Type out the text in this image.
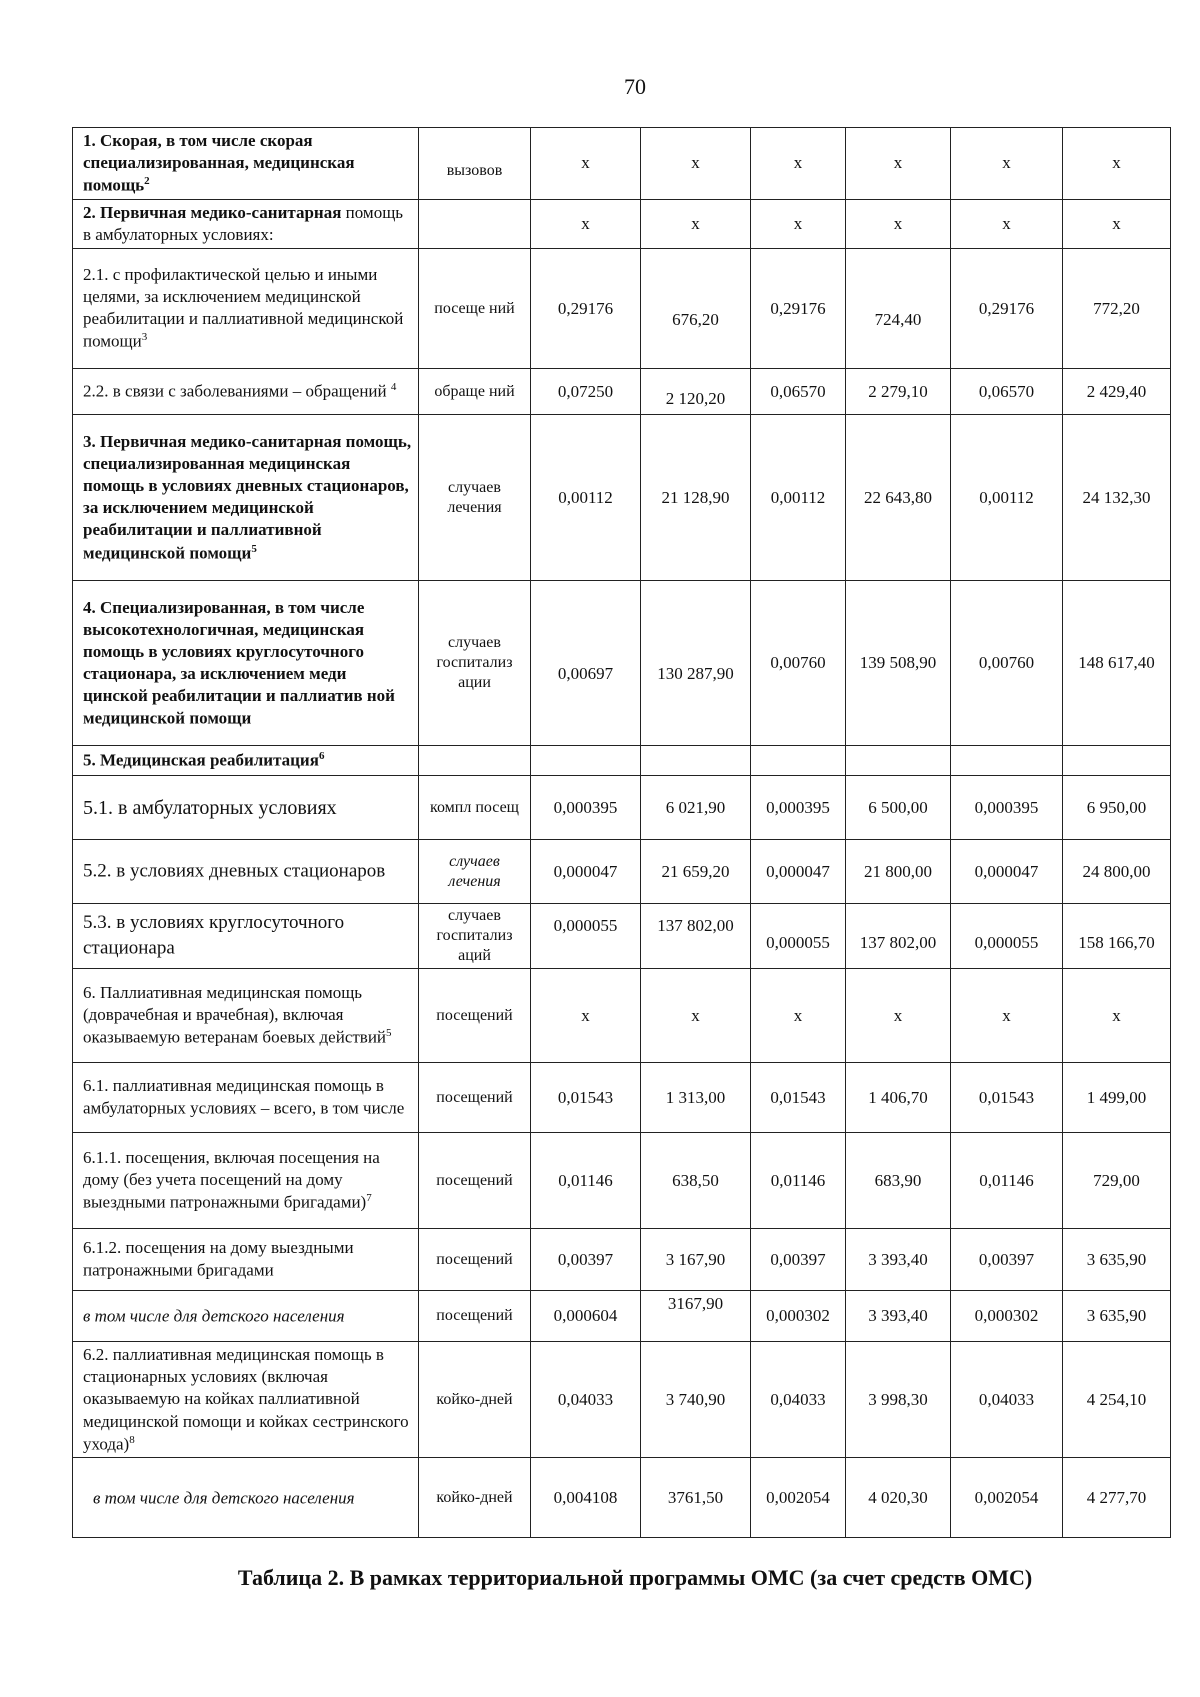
70
1. Скорая, в том числе скорая специализированная, медицинская помощь$^2$	вызовов	х	х	х	х	х	х
2. Первичная медико-санитарная помощь в амбулаторных условиях:		х	х	х	х	х	х
2.1. с профилактической целью и иными целями, за исключением медицинской реабилитации и паллиативной медицинской помощи$^3$	посеще ний	0,29176	676,20	0,29176	724,40	0,29176	772,20
2.2. в связи с заболеваниями – обращений $^4$	обраще ний	0,07250	2 120,20	0,06570	2 279,10	0,06570	2 429,40
3. Первичная медико-санитарная помощь, специализированная медицинская помощь в условиях дневных стационаров, за исключением медицинской реабилитации и паллиативной медицинской помощи$^5$	случаев лечения	0,00112	21 128,90	0,00112	22 643,80	0,00112	24 132,30
4. Специализированная, в том числе высокотехнологичная, медицинская помощь в условиях круглосуточного стационара, за исключением меди цинской реабилитации и паллиатив ной медицинской помощи	случаев госпитализ ации	0,00697	130 287,90	0,00760	139 508,90	0,00760	148 617,40
5. Медицинская реабилитация$^6$							
5.1. в амбулаторных условиях	компл посещ	0,000395	6 021,90	0,000395	6 500,00	0,000395	6 950,00
5.2. в условиях дневных стационаров	случаев лечения	0,000047	21 659,20	0,000047	21 800,00	0,000047	24 800,00
5.3. в условиях круглосуточного стационара	случаев госпитализ аций	0,000055	137 802,00	0,000055	137 802,00	0,000055	158 166,70
6. Паллиативная медицинская помощь (доврачебная и врачебная), включая оказываемую ветеранам боевых действий$^5$	посещений	х	х	х	х	х	х
6.1. паллиативная медицинская помощь в амбулаторных условиях – всего, в том числе	посещений	0,01543	1 313,00	0,01543	1 406,70	0,01543	1 499,00
6.1.1. посещения, включая посещения на дому (без учета посещений на дому выездными патронажными бригадами)$^7$	посещений	0,01146	638,50	0,01146	683,90	0,01146	729,00
6.1.2. посещения на дому выездными патронажными бригадами	посещений	0,00397	3 167,90	0,00397	3 393,40	0,00397	3 635,90
в том числе для детского населения	посещений	0,000604	3167,90	0,000302	3 393,40	0,000302	3 635,90
6.2. паллиативная медицинская помощь в стационарных условиях (включая оказываемую на койках паллиативной медицинской помощи и койках сестринского ухода)$^8$	койко-дней	0,04033	3 740,90	0,04033	3 998,30	0,04033	4 254,10
в том числе для детского населения	койко-дней	0,004108	3761,50	0,002054	4 020,30	0,002054	4 277,70
Таблица 2. В рамках территориальной программы ОМС (за счет средств ОМС)
